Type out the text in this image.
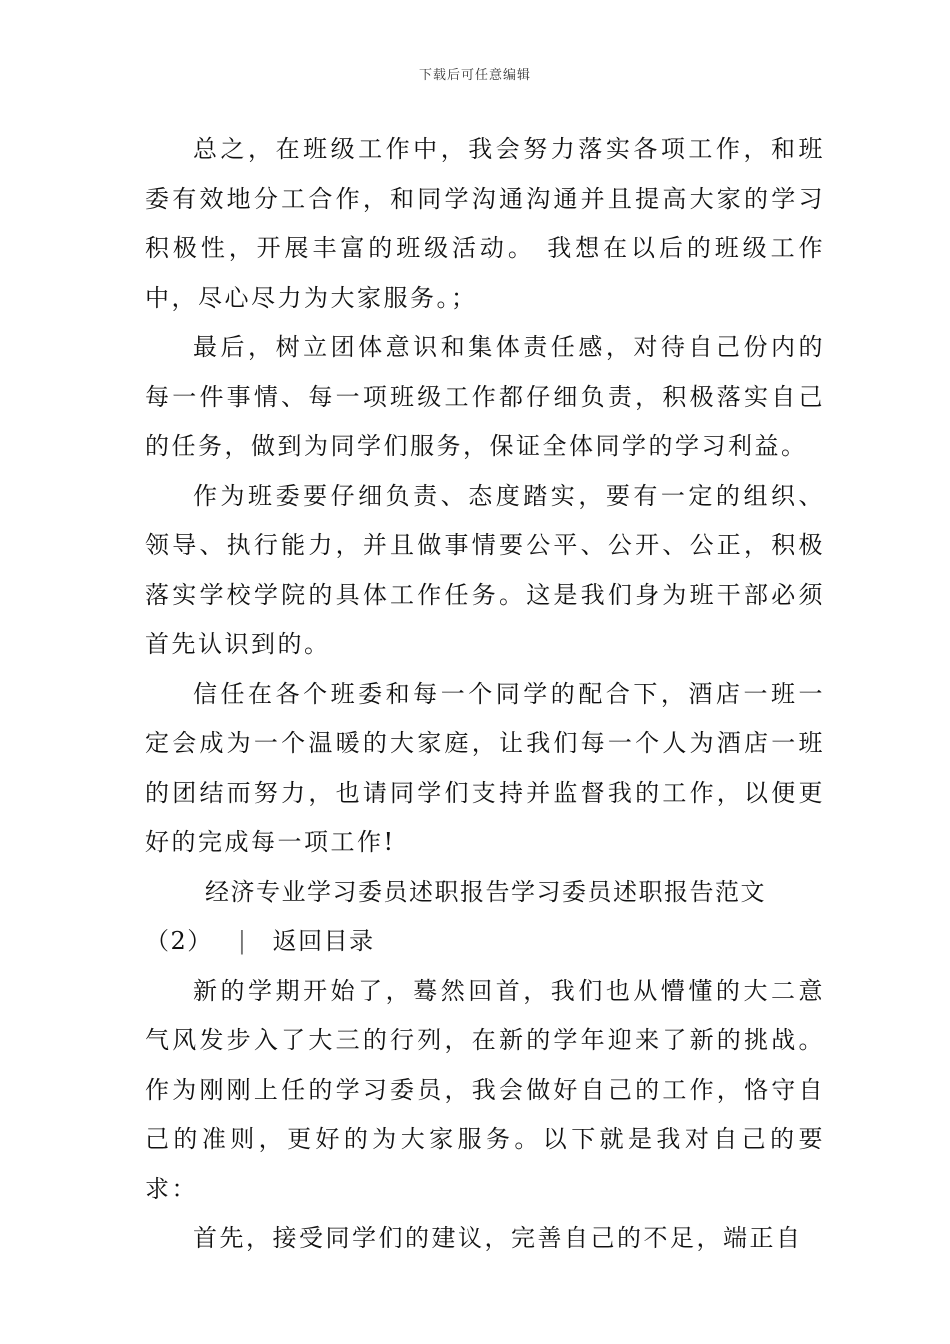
下载后可任意编辑

总之，在班级工作中，我会努力落实各项工作，和班委有效地分工合作，和同学沟通沟通并且提高大家的学习积极性，开展丰富的班级活动。 我想在以后的班级工作中，尽心尽力为大家服务。；

最后，树立团体意识和集体责任感，对待自己份内的每一件事情、每一项班级工作都仔细负责，积极落实自己的任务，做到为同学们服务，保证全体同学的学习利益。

作为班委要仔细负责、态度踏实，要有一定的组织、领导、执行能力，并且做事情要公平、公开、公正，积极落实学校学院的具体工作任务。这是我们身为班干部必须首先认识到的。

信任在各个班委和每一个同学的配合下，酒店一班一定会成为一个温暖的大家庭，让我们每一个人为酒店一班的团结而努力，也请同学们支持并监督我的工作，以便更好的完成每一项工作!

经济专业学习委员述职报告学习委员述职报告范文
（2） | 返回目录

新的学期开始了，蓦然回首，我们也从懵懂的大二意气风发步入了大三的行列，在新的学年迎来了新的挑战。作为刚刚上任的学习委员，我会做好自己的工作，恪守自己的准则，更好的为大家服务。以下就是我对自己的要求：

首先，接受同学们的建议，完善自己的不足，端正自
